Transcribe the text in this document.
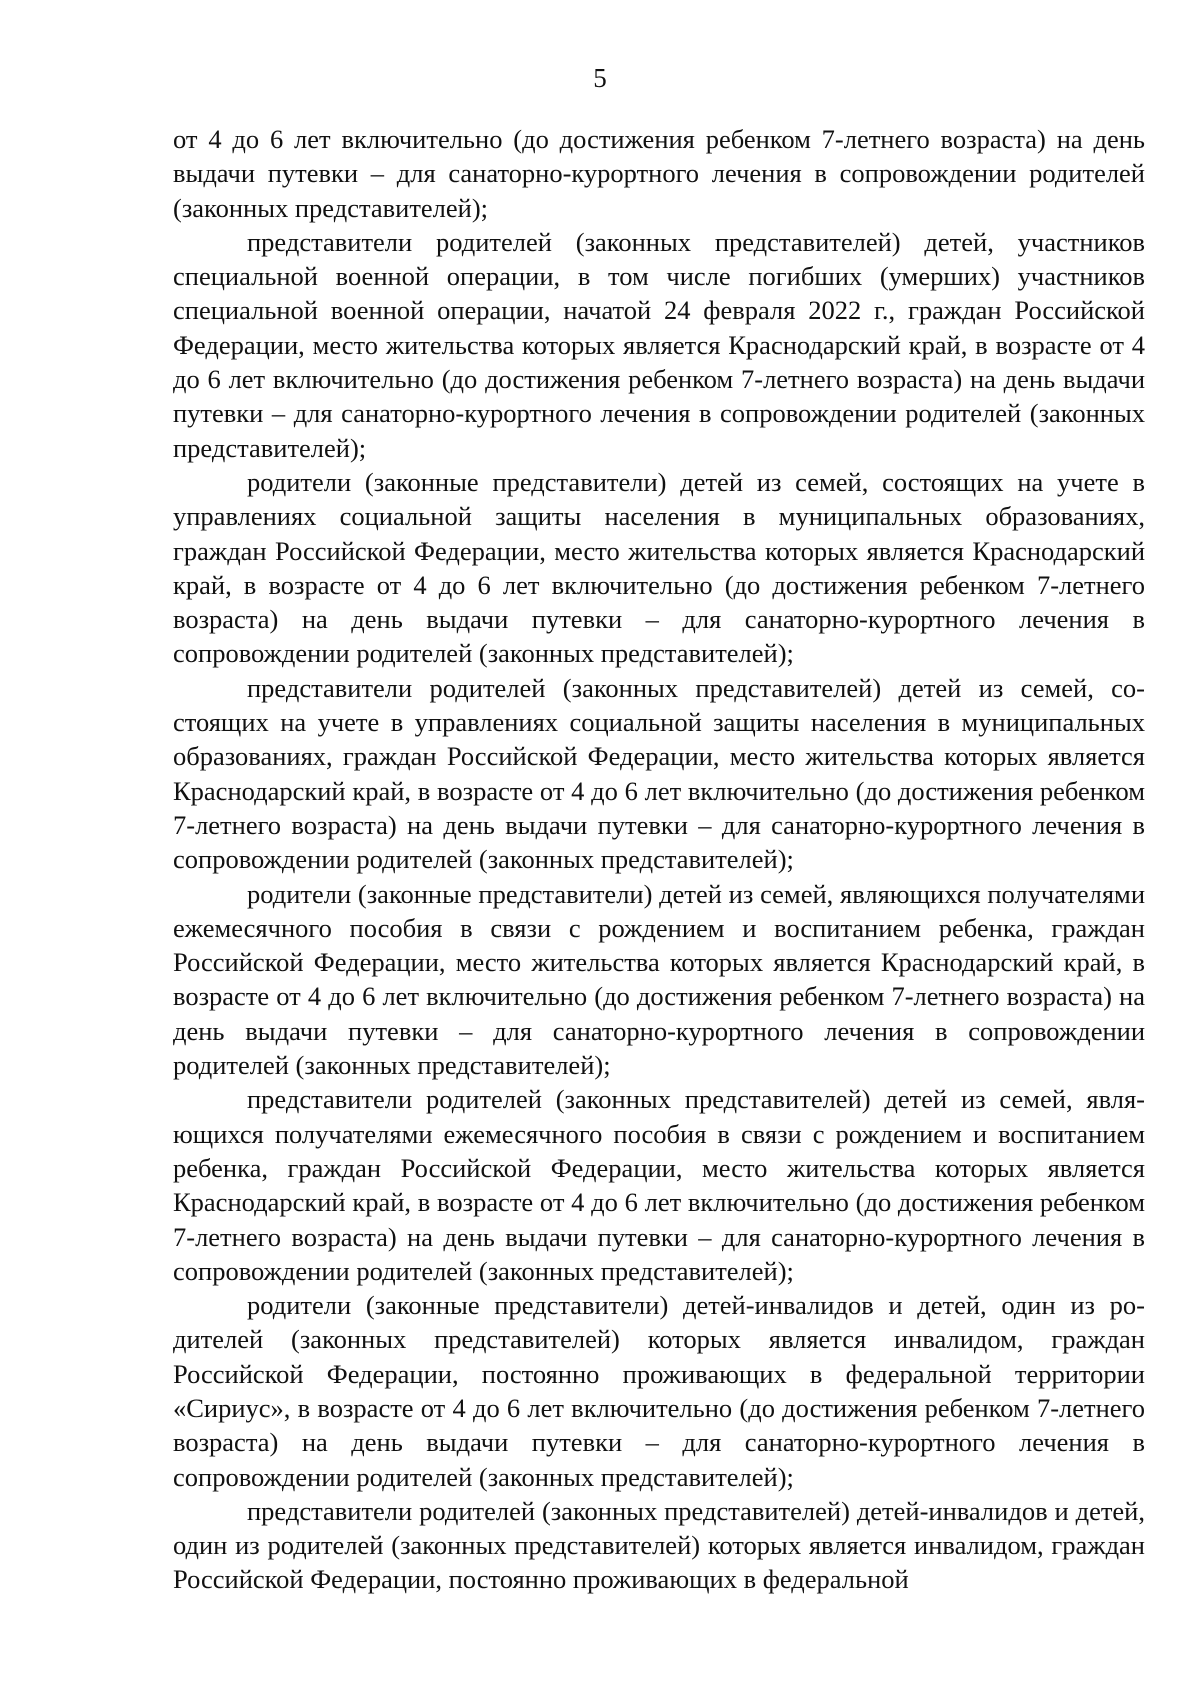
5

от 4 до 6 лет включительно (до достижения ребенком 7-летнего возраста) на день выдачи путевки – для санаторно-курортного лечения в сопровождении родителей (законных представителей);

представители родителей (законных представителей) детей, участников специальной военной операции, в том числе погибших (умерших) участников специальной военной операции, начатой 24 февраля 2022 г., граждан Российской Федерации, место жительства которых является Краснодарский край, в возрасте от 4 до 6 лет включительно (до достижения ребенком 7-летнего возраста) на день выдачи путевки – для санаторно-курортного лечения в сопровождении родителей (законных представителей);

родители (законные представители) детей из семей, состоящих на учете в управлениях социальной защиты населения в муниципальных образованиях, граждан Российской Федерации, место жительства которых является Краснодарский край, в возрасте от 4 до 6 лет включительно (до достижения ребенком 7-летнего возраста) на день выдачи путевки – для санаторно-курортного лечения в сопровождении родителей (законных представителей);

представители родителей (законных представителей) детей из семей, состоящих на учете в управлениях социальной защиты населения в муниципальных образованиях, граждан Российской Федерации, место жительства которых является Краснодарский край, в возрасте от 4 до 6 лет включительно (до достижения ребенком 7-летнего возраста) на день выдачи путевки – для санаторно-курортного лечения в сопровождении родителей (законных представителей);

родители (законные представители) детей из семей, являющихся получателями ежемесячного пособия в связи с рождением и воспитанием ребенка, граждан Российской Федерации, место жительства которых является Краснодарский край, в возрасте от 4 до 6 лет включительно (до достижения ребенком 7-летнего возраста) на день выдачи путевки – для санаторно-курортного лечения в сопровождении родителей (законных представителей);

представители родителей (законных представителей) детей из семей, являющихся получателями ежемесячного пособия в связи с рождением и воспитанием ребенка, граждан Российской Федерации, место жительства которых является Краснодарский край, в возрасте от 4 до 6 лет включительно (до достижения ребенком 7-летнего возраста) на день выдачи путевки – для санаторно-курортного лечения в сопровождении родителей (законных представителей);

родители (законные представители) детей-инвалидов и детей, один из родителей (законных представителей) которых является инвалидом, граждан Российской Федерации, постоянно проживающих в федеральной территории «Сириус», в возрасте от 4 до 6 лет включительно (до достижения ребенком 7-летнего возраста) на день выдачи путевки – для санаторно-курортного лечения в сопровождении родителей (законных представителей);

представители родителей (законных представителей) детей-инвалидов и детей, один из родителей (законных представителей) которых является инвалидом, граждан Российской Федерации, постоянно проживающих в федеральной
